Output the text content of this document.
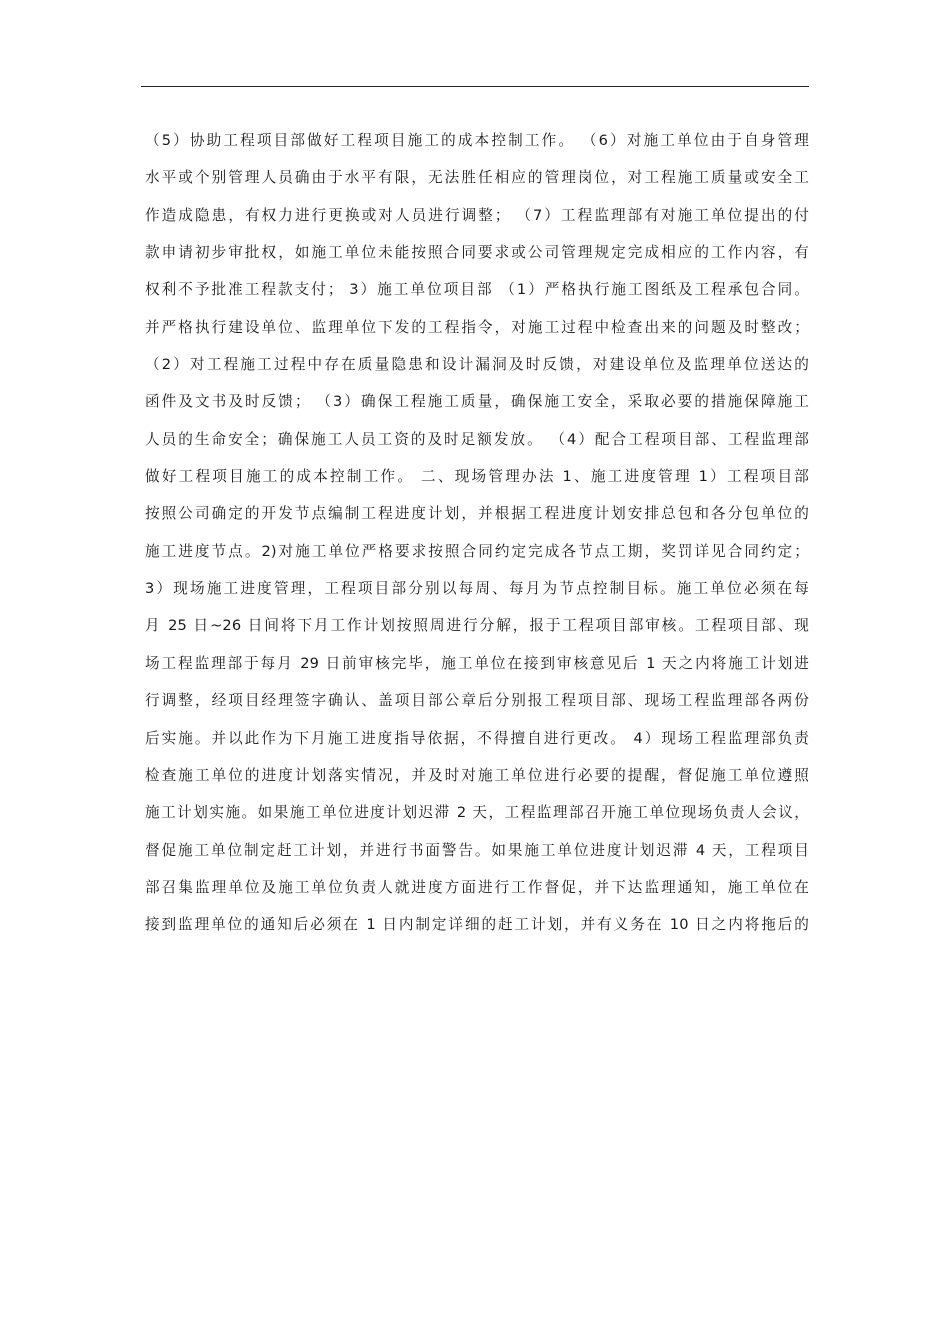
（5）协助工程项目部做好工程项目施工的成本控制工作。 （6）对施工单位由于自身管理
水平或个别管理人员确由于水平有限，无法胜任相应的管理岗位，对工程施工质量或安全工
作造成隐患，有权力进行更换或对人员进行调整； （7）工程监理部有对施工单位提出的付
款申请初步审批权，如施工单位未能按照合同要求或公司管理规定完成相应的工作内容，有
权利不予批准工程款支付； 3）施工单位项目部 （1）严格执行施工图纸及工程承包合同。
并严格执行建设单位、监理单位下发的工程指令，对施工过程中检查出来的问题及时整改；
（2）对工程施工过程中存在质量隐患和设计漏洞及时反馈，对建设单位及监理单位送达的
函件及文书及时反馈； （3）确保工程施工质量，确保施工安全，采取必要的措施保障施工
人员的生命安全；确保施工人员工资的及时足额发放。 （4）配合工程项目部、工程监理部
做好工程项目施工的成本控制工作。 二、现场管理办法 1、施工进度管理 1）工程项目部
按照公司确定的开发节点编制工程进度计划，并根据工程进度计划安排总包和各分包单位的
施工进度节点。2)对施工单位严格要求按照合同约定完成各节点工期，奖罚详见合同约定；
3）现场施工进度管理，工程项目部分别以每周、每月为节点控制目标。施工单位必须在每
月 25 日~26 日间将下月工作计划按照周进行分解，报于工程项目部审核。工程项目部、现
场工程监理部于每月 29 日前审核完毕，施工单位在接到审核意见后 1 天之内将施工计划进
行调整，经项目经理签字确认、盖项目部公章后分别报工程项目部、现场工程监理部各两份
后实施。并以此作为下月施工进度指导依据，不得擅自进行更改。 4）现场工程监理部负责
检查施工单位的进度计划落实情况，并及时对施工单位进行必要的提醒，督促施工单位遵照
施工计划实施。如果施工单位进度计划迟滞 2 天，工程监理部召开施工单位现场负责人会议，
督促施工单位制定赶工计划，并进行书面警告。如果施工单位进度计划迟滞 4 天，工程项目
部召集监理单位及施工单位负责人就进度方面进行工作督促，并下达监理通知，施工单位在
接到监理单位的通知后必须在 1 日内制定详细的赶工计划，并有义务在 10 日之内将拖后的
